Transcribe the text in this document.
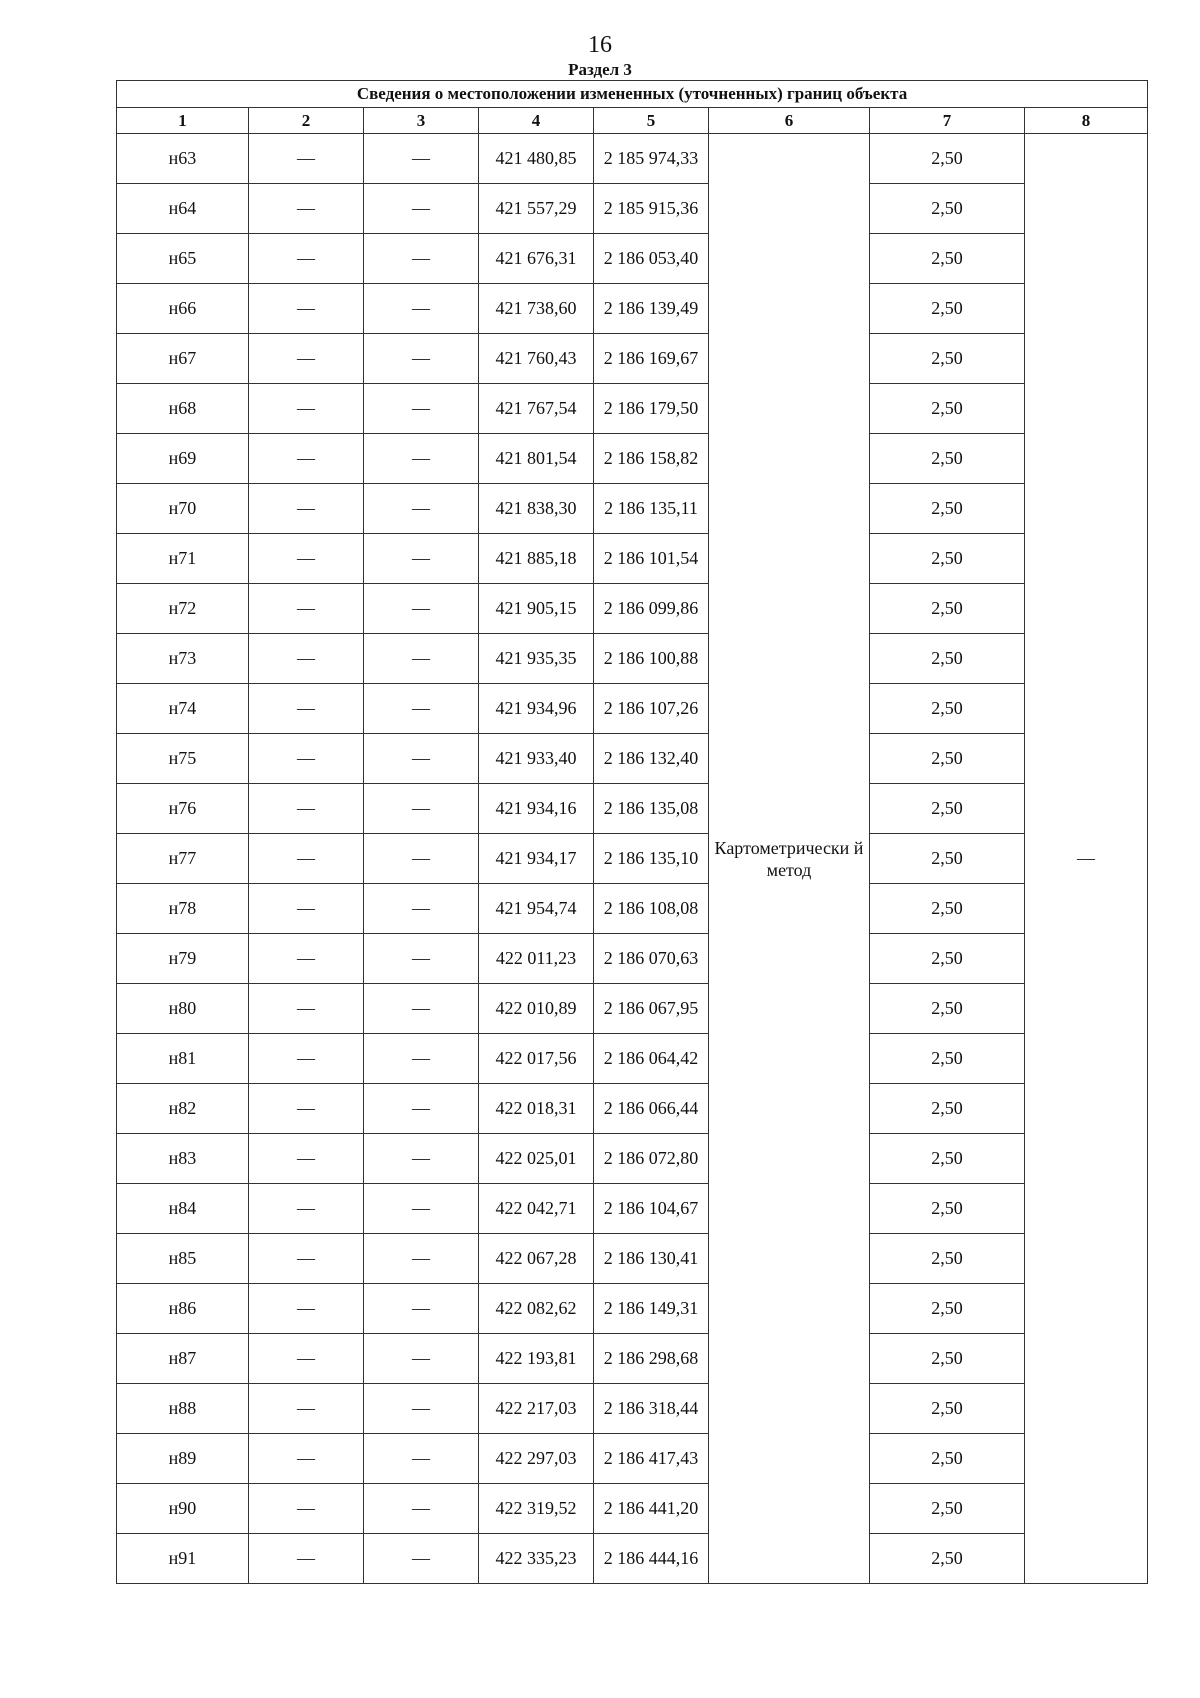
16
Раздел 3
Сведения о местоположении измененных (уточненных) границ объекта							
1	2	3	4	5	6	7	8
н63	—	—	421 480,85	2 185 974,33	Картометрически й метод	2,50	—
н64	—	—	421 557,29	2 185 915,36		2,50	
н65	—	—	421 676,31	2 186 053,40		2,50	
н66	—	—	421 738,60	2 186 139,49		2,50	
н67	—	—	421 760,43	2 186 169,67		2,50	
н68	—	—	421 767,54	2 186 179,50		2,50	
н69	—	—	421 801,54	2 186 158,82		2,50	
н70	—	—	421 838,30	2 186 135,11		2,50	
н71	—	—	421 885,18	2 186 101,54		2,50	
н72	—	—	421 905,15	2 186 099,86		2,50	
н73	—	—	421 935,35	2 186 100,88		2,50	
н74	—	—	421 934,96	2 186 107,26		2,50	
н75	—	—	421 933,40	2 186 132,40		2,50	
н76	—	—	421 934,16	2 186 135,08		2,50	
н77	—	—	421 934,17	2 186 135,10		2,50	
н78	—	—	421 954,74	2 186 108,08		2,50	
н79	—	—	422 011,23	2 186 070,63		2,50	
н80	—	—	422 010,89	2 186 067,95		2,50	
н81	—	—	422 017,56	2 186 064,42		2,50	
н82	—	—	422 018,31	2 186 066,44		2,50	
н83	—	—	422 025,01	2 186 072,80		2,50	
н84	—	—	422 042,71	2 186 104,67		2,50	
н85	—	—	422 067,28	2 186 130,41		2,50	
н86	—	—	422 082,62	2 186 149,31		2,50	
н87	—	—	422 193,81	2 186 298,68		2,50	
н88	—	—	422 217,03	2 186 318,44		2,50	
н89	—	—	422 297,03	2 186 417,43		2,50	
н90	—	—	422 319,52	2 186 441,20		2,50	
н91	—	—	422 335,23	2 186 444,16		2,50	
